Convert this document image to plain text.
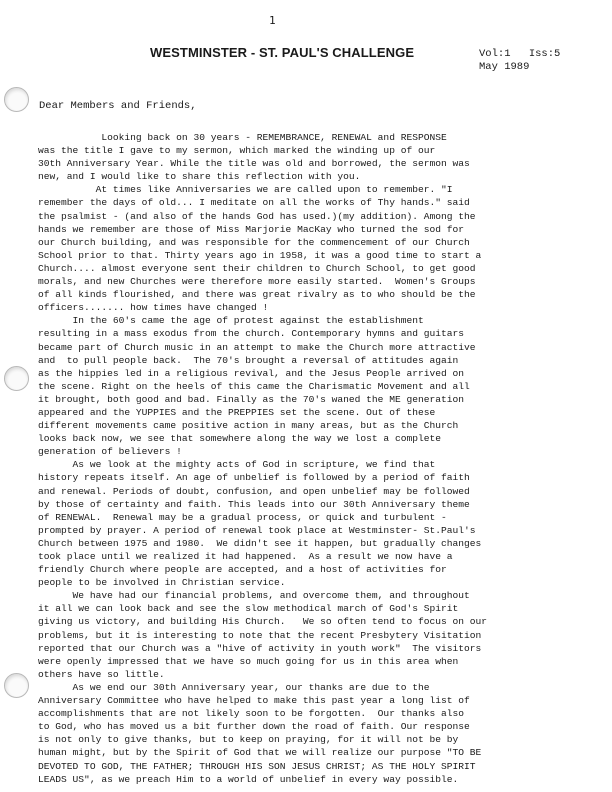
1
WESTMINSTER - ST. PAUL'S CHALLENGE	Vol:1 Iss:5
May 1989
Dear Members and Friends,
Looking back on 30 years - REMEMBRANCE, RENEWAL and RESPONSE
was the title I gave to my sermon, which marked the winding up of our
30th Anniversary Year. While the title was old and borrowed, the sermon was
new, and I would like to share this reflection with you.
At times like Anniversaries we are called upon to remember. "I
remember the days of old... I meditate on all the works of Thy hands." said
the psalmist - (and also of the hands God has used.)(my addition). Among the
hands we remember are those of Miss Marjorie MacKay who turned the sod for
our Church building, and was responsible for the commencement of our Church
School prior to that. Thirty years ago in 1958, it was a good time to start a
Church.... almost everyone sent their children to Church School, to get good
morals, and new Churches were therefore more easily started.  Women's Groups
of all kinds flourished, and there was great rivalry as to who should be the
officers....... how times have changed !
In the 60's came the age of protest against the establishment
resulting in a mass exodus from the church. Contemporary hymns and guitars
became part of Church music in an attempt to make the Church more attractive
and  to pull people back.  The 70's brought a reversal of attitudes again
as the hippies led in a religious revival, and the Jesus People arrived on
the scene. Right on the heels of this came the Charismatic Movement and all
it brought, both good and bad. Finally as the 70's waned the ME generation
appeared and the YUPPIES and the PREPPIES set the scene. Out of these
different movements came positive action in many areas, but as the Church
looks back now, we see that somewhere along the way we lost a complete
generation of believers !
As we look at the mighty acts of God in scripture, we find that
history repeats itself. An age of unbelief is followed by a period of faith
and renewal. Periods of doubt, confusion, and open unbelief may be followed
by those of certainty and faith. This leads into our 30th Anniversary theme
of RENEWAL.  Renewal may be a gradual process, or quick and turbulent -
prompted by prayer. A period of renewal took place at Westminster- St.Paul's
Church between 1975 and 1980.  We didn't see it happen, but gradually changes
took place until we realized it had happened.  As a result we now have a
friendly Church where people are accepted, and a host of activities for
people to be involved in Christian service.
We have had our financial problems, and overcome them, and throughout
it all we can look back and see the slow methodical march of God's Spirit
giving us victory, and building His Church.   We so often tend to focus on our
problems, but it is interesting to note that the recent Presbytery Visitation
reported that our Church was a "hive of activity in youth work"  The visitors
were openly impressed that we have so much going for us in this area when
others have so little.
As we end our 30th Anniversary year, our thanks are due to the
Anniversary Committee who have helped to make this past year a long list of
accomplishments that are not likely soon to be forgotten.  Our thanks also
to God, who has moved us a bit further down the road of faith. Our response
is not only to give thanks, but to keep on praying, for it will not be by
human might, but by the Spirit of God that we will realize our purpose "TO BE
DEVOTED TO GOD, THE FATHER; THROUGH HIS SON JESUS CHRIST; AS THE HOLY SPIRIT
LEADS US", as we preach Him to a world of unbelief in every way possible.
